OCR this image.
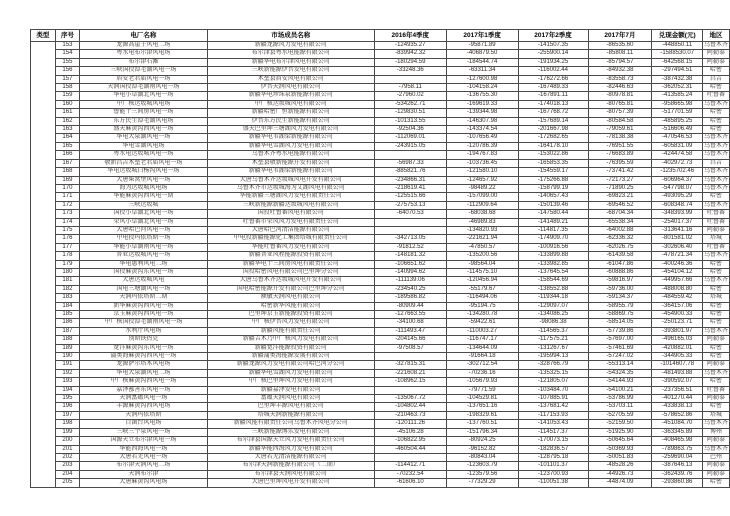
类型	序号	电厂名称	市场成员名称	2016年4季度	2017年1季度	2017年2季度	2017年7月	兑现金额(元)	地区
	153	龙源高崖子风电二场	新疆龙源风力发电有限公司	-124935.27	-95871.89	-141507.35	-86535.60	-448850.11	乌鲁木齐
	154	粤水电布尔津风电场	布尔津县粤水电能源有限公司	-839942.32	-406879.50	-255900.14	-85808.11	-1588530.07	阿勒泰
	155	布尔津石滩	新疆华电布尔津风电有限公司	-180294.59	-184544.74	-191934.25	-85794.57	-642568.15	阿勒泰
	156	三峡国投淖毛湖风电一场	三峡新能源伊吾发电有限公司	-33248.36	-63311.34	-116002.44	-84932.38	-297494.51	哈密
	157	盾安老君庙风电一场	木垒县盾安风电有限公司		-127600.98	-176272.66	-83558.73	-387432.38	昌吉
	158	天润国投淖毛湖南风电一场	伊吾天润风电有限公司	-7958.11	-104158.24	-167489.33	-82446.63	-362052.31	哈密
	159	华电小草湖北风电一场	新疆华电珍珠泉新能源有限公司	-27960.02	-136755.30	-167891.11	-80978.81	-413585.24	吐鲁番
	160	中广核达坂城风电场	中广核达坂城风电有限公司	-534262.71	-169619.33	-174018.13	-80765.81	-958665.98	乌鲁木齐
	161	鲁能十三间房风电一场	新疆哈密广恒新能源有限公司	-129830.51	-139344.98	-167768.72	-80757.39	-517701.59	哈密
	162	东方民生淖毛湖风电场	伊吾东方民生新能源有限公司	-101313.55	-146307.98	-157689.14	-80584.58	-485895.25	哈密
	163	盛天麻黄沟西风电一场	盛天巴里坤三塘湖风力发电有限公司	-92504.36	-143374.54	-201667.98	-79059.61	-516606.49	哈密
	164	华电大泉湖风电一场	新疆华电苇湖梁新能源有限公司	-112069.01	-107656.49	-172682.65	-78138.38	-470546.53	乌鲁木齐
	165	华电雪湖风电场	新疆华电雪湖风力发电有限公司	-243915.05	-120786.39	-164178.10	-76951.55	-605831.09	乌鲁木齐
	166	粤水电达坂城风电一场	乌鲁木齐粤水电能源有限公司		-194767.83	-153022.86	-76683.89	-424474.58	乌鲁木齐
	167	敬新昌吉木垒老君庙风电一场	木垒县敬新能源开发有限公司	-56987.33	-103736.45	-165853.35	-76395.59	-402972.73	昌吉
	168	华电达坂城白杨沟风电一场	新疆华电苇湖梁新能源有限公司	-885821.76	-121580.10	-154559.17	-73741.42	-1235702.46	乌鲁木齐
	169	大唐柴窝堡风电一场	大唐乌鲁木齐达坂城风电开发有限公司	-234866.31	-124657.92	-175266.88	-72173.27	-606964.37	乌鲁木齐
	170	海为达坂城风电场	乌鲁木齐市达坂城海为艾湖风电有限公司	-218619.41	-98489.22	-158799.19	-71890.25	-547798.07	乌鲁木齐
	171	华能麻黄沟西风电一期	华能新疆三塘湖风力发电有限责任公司	-125515.66	-157099.00	-140657.43	-69823.21	-493095.29	哈密
	172	三峡达坂城	三峡新能源新疆达坂城风电有限公司	-275753.13	-112909.64	-150139.46	-69546.52	-608348.74	乌鲁木齐
	173	国投小草湖北风电一场	国投吐鲁番风电有限公司	-64070.53	-68038.68	-147580.44	-68704.34	-348393.99	吐鲁番
	174	荣风小草湖北风电一场	吐鲁番市荣风风力发电有限责任公司		-46989.83	-141489.21	-65538.34	-254017.37	吐鲁番
	175	大唐哈巴河风电一场	大唐哈巴河清洁能源有限公司		-134820.93	-114817.35	-64002.88	-313641.16	阿勒泰
	176	中电投玛依塔斯一场	中电投新疆能源化工集团塔城有限责任公司	-342713.05	-221621.94	-174909.70	-62336.32	-801581.02	塔城
	177	华能小草湖南风电一场	华能吐鲁番风力发电有限公司	-91812.52	-47850.57	-100916.56	-62026.75	-302606.40	吐鲁番
	178	普亚达坂城风电一场	新疆普亚风程能源投资有限公司	-148181.32	-135200.56	-133899.88	-61439.58	-478721.34	乌鲁木齐
	179	华电惠利风电二场	新疆华电十三间房风电有限责任公司	-106651.62	-98564.04	-133982.85	-61047.86	-400246.36	哈密
	180	国投麻黄沟东风电一场	国投哈密风电有限公司巴里坤分公司	-140994.62	-114575.10	-137645.54	-60888.86	-454104.12	哈密
	181	大唐达坂城风电	大唐乌鲁木齐达坂城风电开发有限公司	-111139.06	-120456.94	-158544.69	-59816.97	-449957.66	乌鲁木齐
	182	国电三塘湖风电一场	国电哈密能源开发有限公司巴里坤分公司	-234540.25	-55179.67	-138552.88	-59736.00	-488008.80	哈密
	183	天润玛依塔斯二期	额敏天润风电有限公司	-189586.82	-116494.06	-119344.18	-59134.37	-484559.42	塔城
	184	新华麻黄沟西风电一场	哈密新华风能有限公司	-80909.44	-95194.75	-129097.07	-58955.79	-364157.06	哈密
	185	京玉麻黄沟西风电一场	巴里坤京玉新能源投资有限公司	-127663.55	-134280.78	-134086.25	-58869.75	-454900.33	哈密
	186	中广核国投淖毛湖南风电一场	中广核伊吾风力发电有限公司	-34100.68	-59422.61	-98086.38	-58514.05	-250123.71	哈密
	187	水利厅风电场	新疆风能有限责任公司	-111493.47	-110003.27	-114565.37	-57739.86	-393801.97	乌鲁木齐
	188	别斯铁热克	新疆吉木乃中广核风力发电有限公司	-204145.66	-116747.17	-117575.21	-57697.00	-496165.03	阿勒泰
	189	宽洋麻黄沟东风电一场	新疆宽洋能源投资有限公司	-97508.57	-134644.09	-131267.67	-57461.69	-420882.01	哈密
	190	蒲类海麻黄沟西风电一场	新疆蒲类海能源发展有限公司		-91664.18	-195994.13	-57247.02	-344905.33	哈密
	191	龙源萨尔塔木风电场	新疆龙源风力发电有限公司哈巴河分公司	-327815.31	-302712.54	-328766.79	-55313.14	-1014607.78	阿勒泰
	192	华电大泉湖风电二场	新疆华电雪湖风力发电有限公司	-221608.21	-70236.16	-135325.15	-54324.35	-481493.88	乌鲁木齐
	193	中广核麻黄沟西风电一场	中广核巴里坤风力发电有限公司	-108962.15	-105679.93	-121805.07	-54144.93	-390592.07	哈密
	194	嘉泽鄯善东风电一场	新疆嘉泽发电有限公司		-79771.59	-103484.70	-54100.21	-237356.51	吐鲁番
	195	天润富蕴风电一场	富蕴天润风电有限公司	-135067.72	-104529.81	-107885.91	-53786.99	-401270.44	阿勒泰
	196	丰源麻黄沟西风电场	巴里坤丰源风电有限公司	-104802.44	-137651.16	-137681.42	-53703.11	-433838.13	哈密
	197	天润玛依塔斯	塔城天润新能源有限公司	-210463.73	-198329.61	-117153.93	-52705.59	-578652.86	塔城
	198	百菌台风电场	新疆风能有限责任公司乌鲁木齐风电分公司	-120111.26	-137760.51	-141053.43	-52159.50	-451084.70	乌鲁木齐
	199	三峡三个泉风电一场	三峡新能源博乐发电有限公司	-45106.28	-151796.34	-114517.37	-51925.90	-363345.89	博州
	200	国源天立布尔津风电一场	布尔津县国源天立风力发电有限责任公司	-106822.95	-80924.25	-170073.15	-50645.64	-408465.98	阿勒泰
	201	华能西海风电一场	新疆华能西海风力发电有限公司	-460504.44	-96152.82	-182836.57	-50369.93	-789863.75	乌鲁木齐
	202	大唐若羌风电一场	大唐若羌清洁能源有限公司		-80843.04	-128795.18	-50051.83	-259690.04	巴州
	203	布尔津天润风电二场	布尔津天润新能源有限公司（二期）	-114412.71	-123603.79	-101101.37	-48528.26	-387646.13	阿勒泰
	204	天润布尔津	布尔津县天润风电有限公司	-70232.54	-123579.56	-123700.93	-44926.73	-362439.76	阿勒泰
	205	大唐麻黄沟风电场	大唐巴里坤风电开发有限公司	-61606.10	-77329.29	-110051.38	-44874.09	-293860.86	哈密
